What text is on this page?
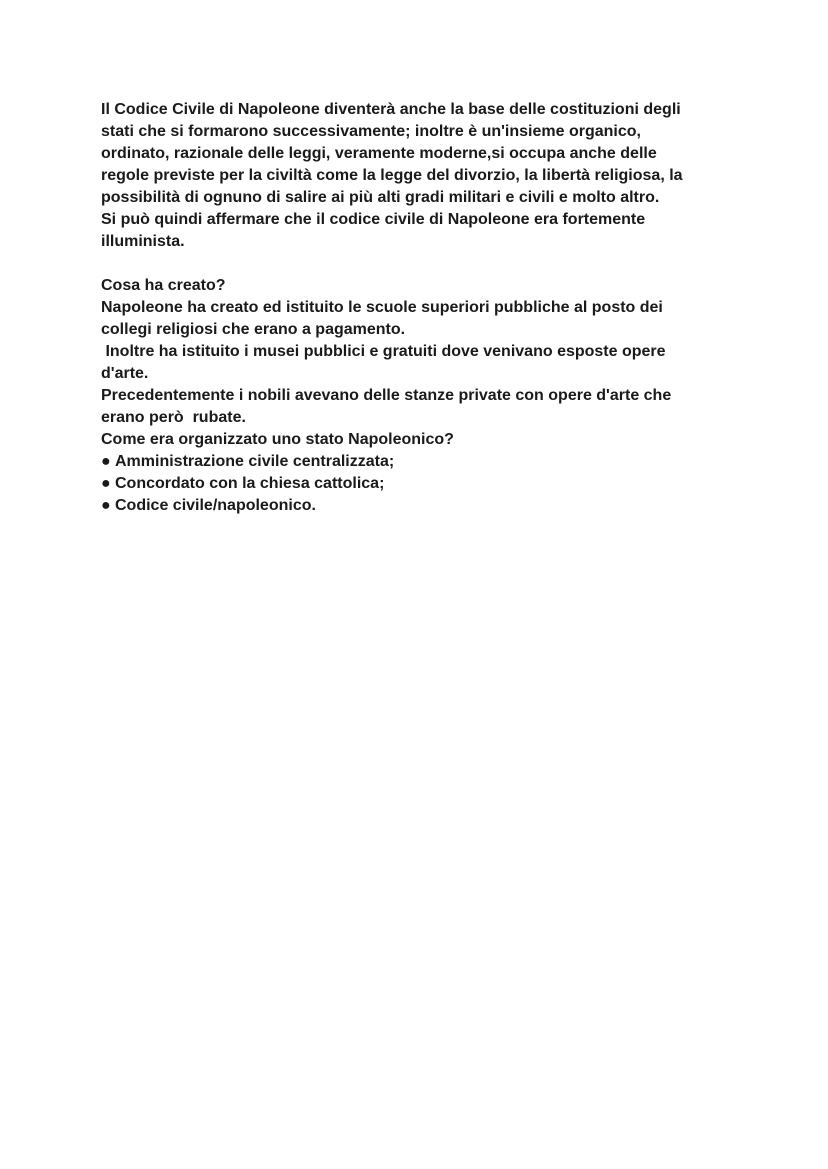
Il Codice Civile di Napoleone diventerà anche la base delle costituzioni degli
stati che si formarono successivamente; inoltre è un'insieme organico,
ordinato, razionale delle leggi, veramente moderne,si occupa anche delle
regole previste per la civiltà come la legge del divorzio, la libertà religiosa, la
possibilità di ognuno di salire ai più alti gradi militari e civili e molto altro.
Si può quindi affermare che il codice civile di Napoleone era fortemente
illuminista.
Cosa ha creato?
Napoleone ha creato ed istituito le scuole superiori pubbliche al posto dei
collegi religiosi che erano a pagamento.
Inoltre ha istituito i musei pubblici e gratuiti dove venivano esposte opere
d'arte.
Precedentemente i nobili avevano delle stanze private con opere d'arte che
erano però  rubate.
Come era organizzato uno stato Napoleonico?
● Amministrazione civile centralizzata;
● Concordato con la chiesa cattolica;
● Codice civile/napoleonico.
